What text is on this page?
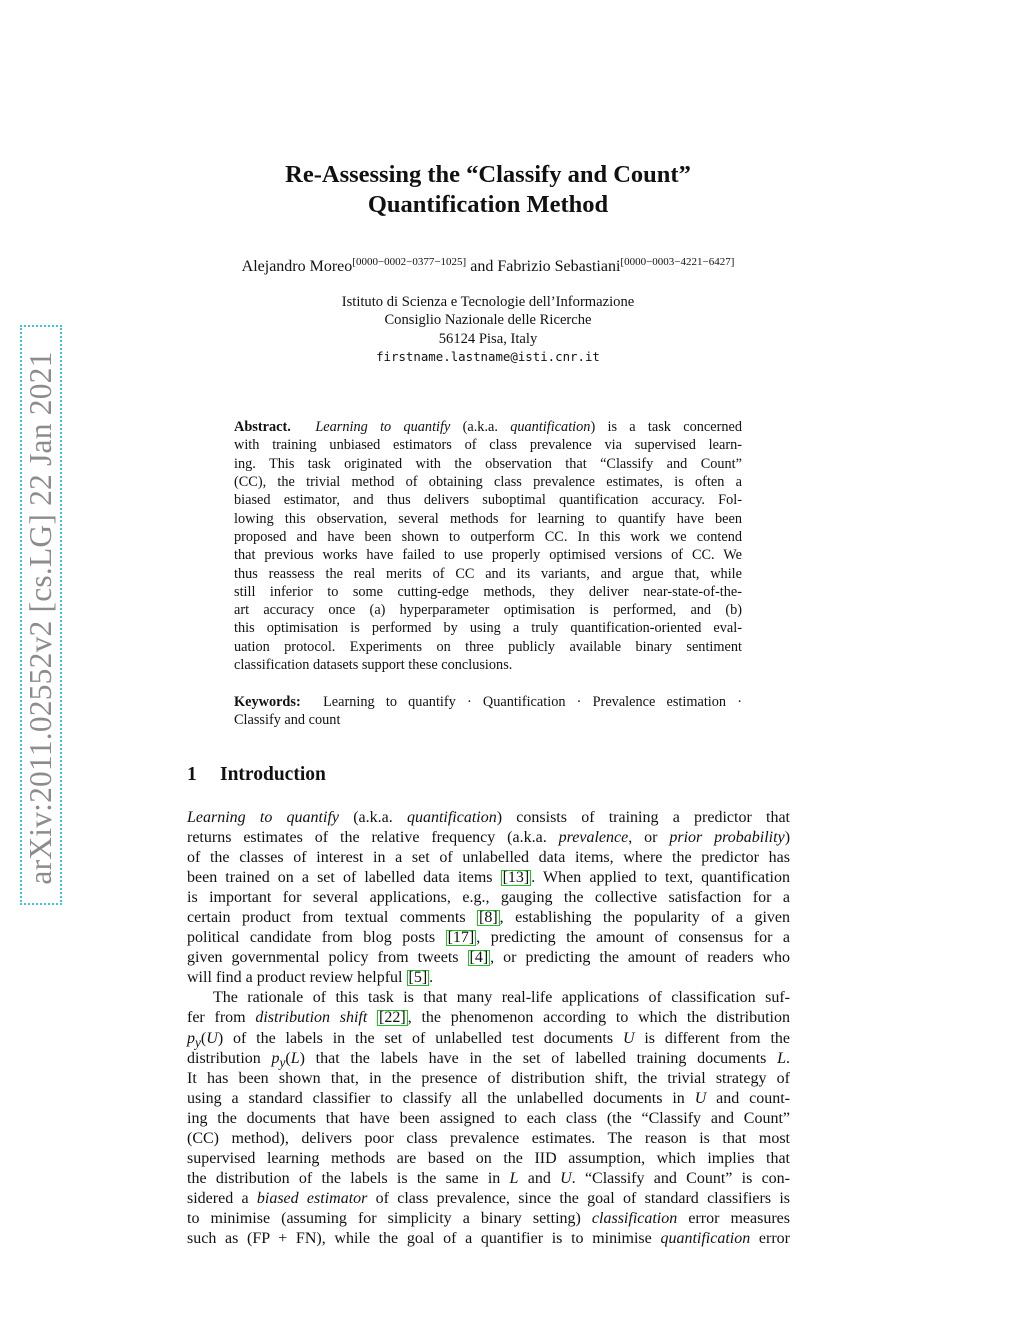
arXiv:2011.02552v2 [cs.LG] 22 Jan 2021
Re-Assessing the “Classify and Count”
Quantification Method
Alejandro Moreo[0000−0002−0377−1025] and Fabrizio Sebastiani[0000−0003−4221−6427]
Istituto di Scienza e Tecnologie dell’Informazione
Consiglio Nazionale delle Ricerche
56124 Pisa, Italy
firstname.lastname@isti.cnr.it
Abstract. Learning to quantify (a.k.a. quantification) is a task concerned
with training unbiased estimators of class prevalence via supervised learn-
ing. This task originated with the observation that “Classify and Count”
(CC), the trivial method of obtaining class prevalence estimates, is often a
biased estimator, and thus delivers suboptimal quantification accuracy. Fol-
lowing this observation, several methods for learning to quantify have been
proposed and have been shown to outperform CC. In this work we contend
that previous works have failed to use properly optimised versions of CC. We
thus reassess the real merits of CC and its variants, and argue that, while
still inferior to some cutting-edge methods, they deliver near-state-of-the-
art accuracy once (a) hyperparameter optimisation is performed, and (b)
this optimisation is performed by using a truly quantification-oriented eval-
uation protocol. Experiments on three publicly available binary sentiment
classification datasets support these conclusions.
Keywords: Learning to quantify · Quantification · Prevalence estimation ·
Classify and count
1 Introduction
Learning to quantify (a.k.a. quantification) consists of training a predictor that
returns estimates of the relative frequency (a.k.a. prevalence, or prior probability)
of the classes of interest in a set of unlabelled data items, where the predictor has
been trained on a set of labelled data items [13] . When applied to text, quantification
is important for several applications, e.g., gauging the collective satisfaction for a
certain product from textual comments [8] , establishing the popularity of a given
political candidate from blog posts [17] , predicting the amount of consensus for a
given governmental policy from tweets [4] , or predicting the amount of readers who
will find a product review helpful [5] .
The rationale of this task is that many real-life applications of classification suf-
fer from distribution shift [22] , the phenomenon according to which the distribution
$p_y(U)$ of the labels in the set of unlabelled test documents U is different from the
distribution $p_y(L)$ that the labels have in the set of labelled training documents L.
It has been shown that, in the presence of distribution shift, the trivial strategy of
using a standard classifier to classify all the unlabelled documents in U and count-
ing the documents that have been assigned to each class (the “Classify and Count”
(CC) method), delivers poor class prevalence estimates. The reason is that most
supervised learning methods are based on the IID assumption, which implies that
the distribution of the labels is the same in L and U. “Classify and Count” is con-
sidered a biased estimator of class prevalence, since the goal of standard classifiers is
to minimise (assuming for simplicity a binary setting) classification error measures
such as (FP + FN), while the goal of a quantifier is to minimise quantification error
